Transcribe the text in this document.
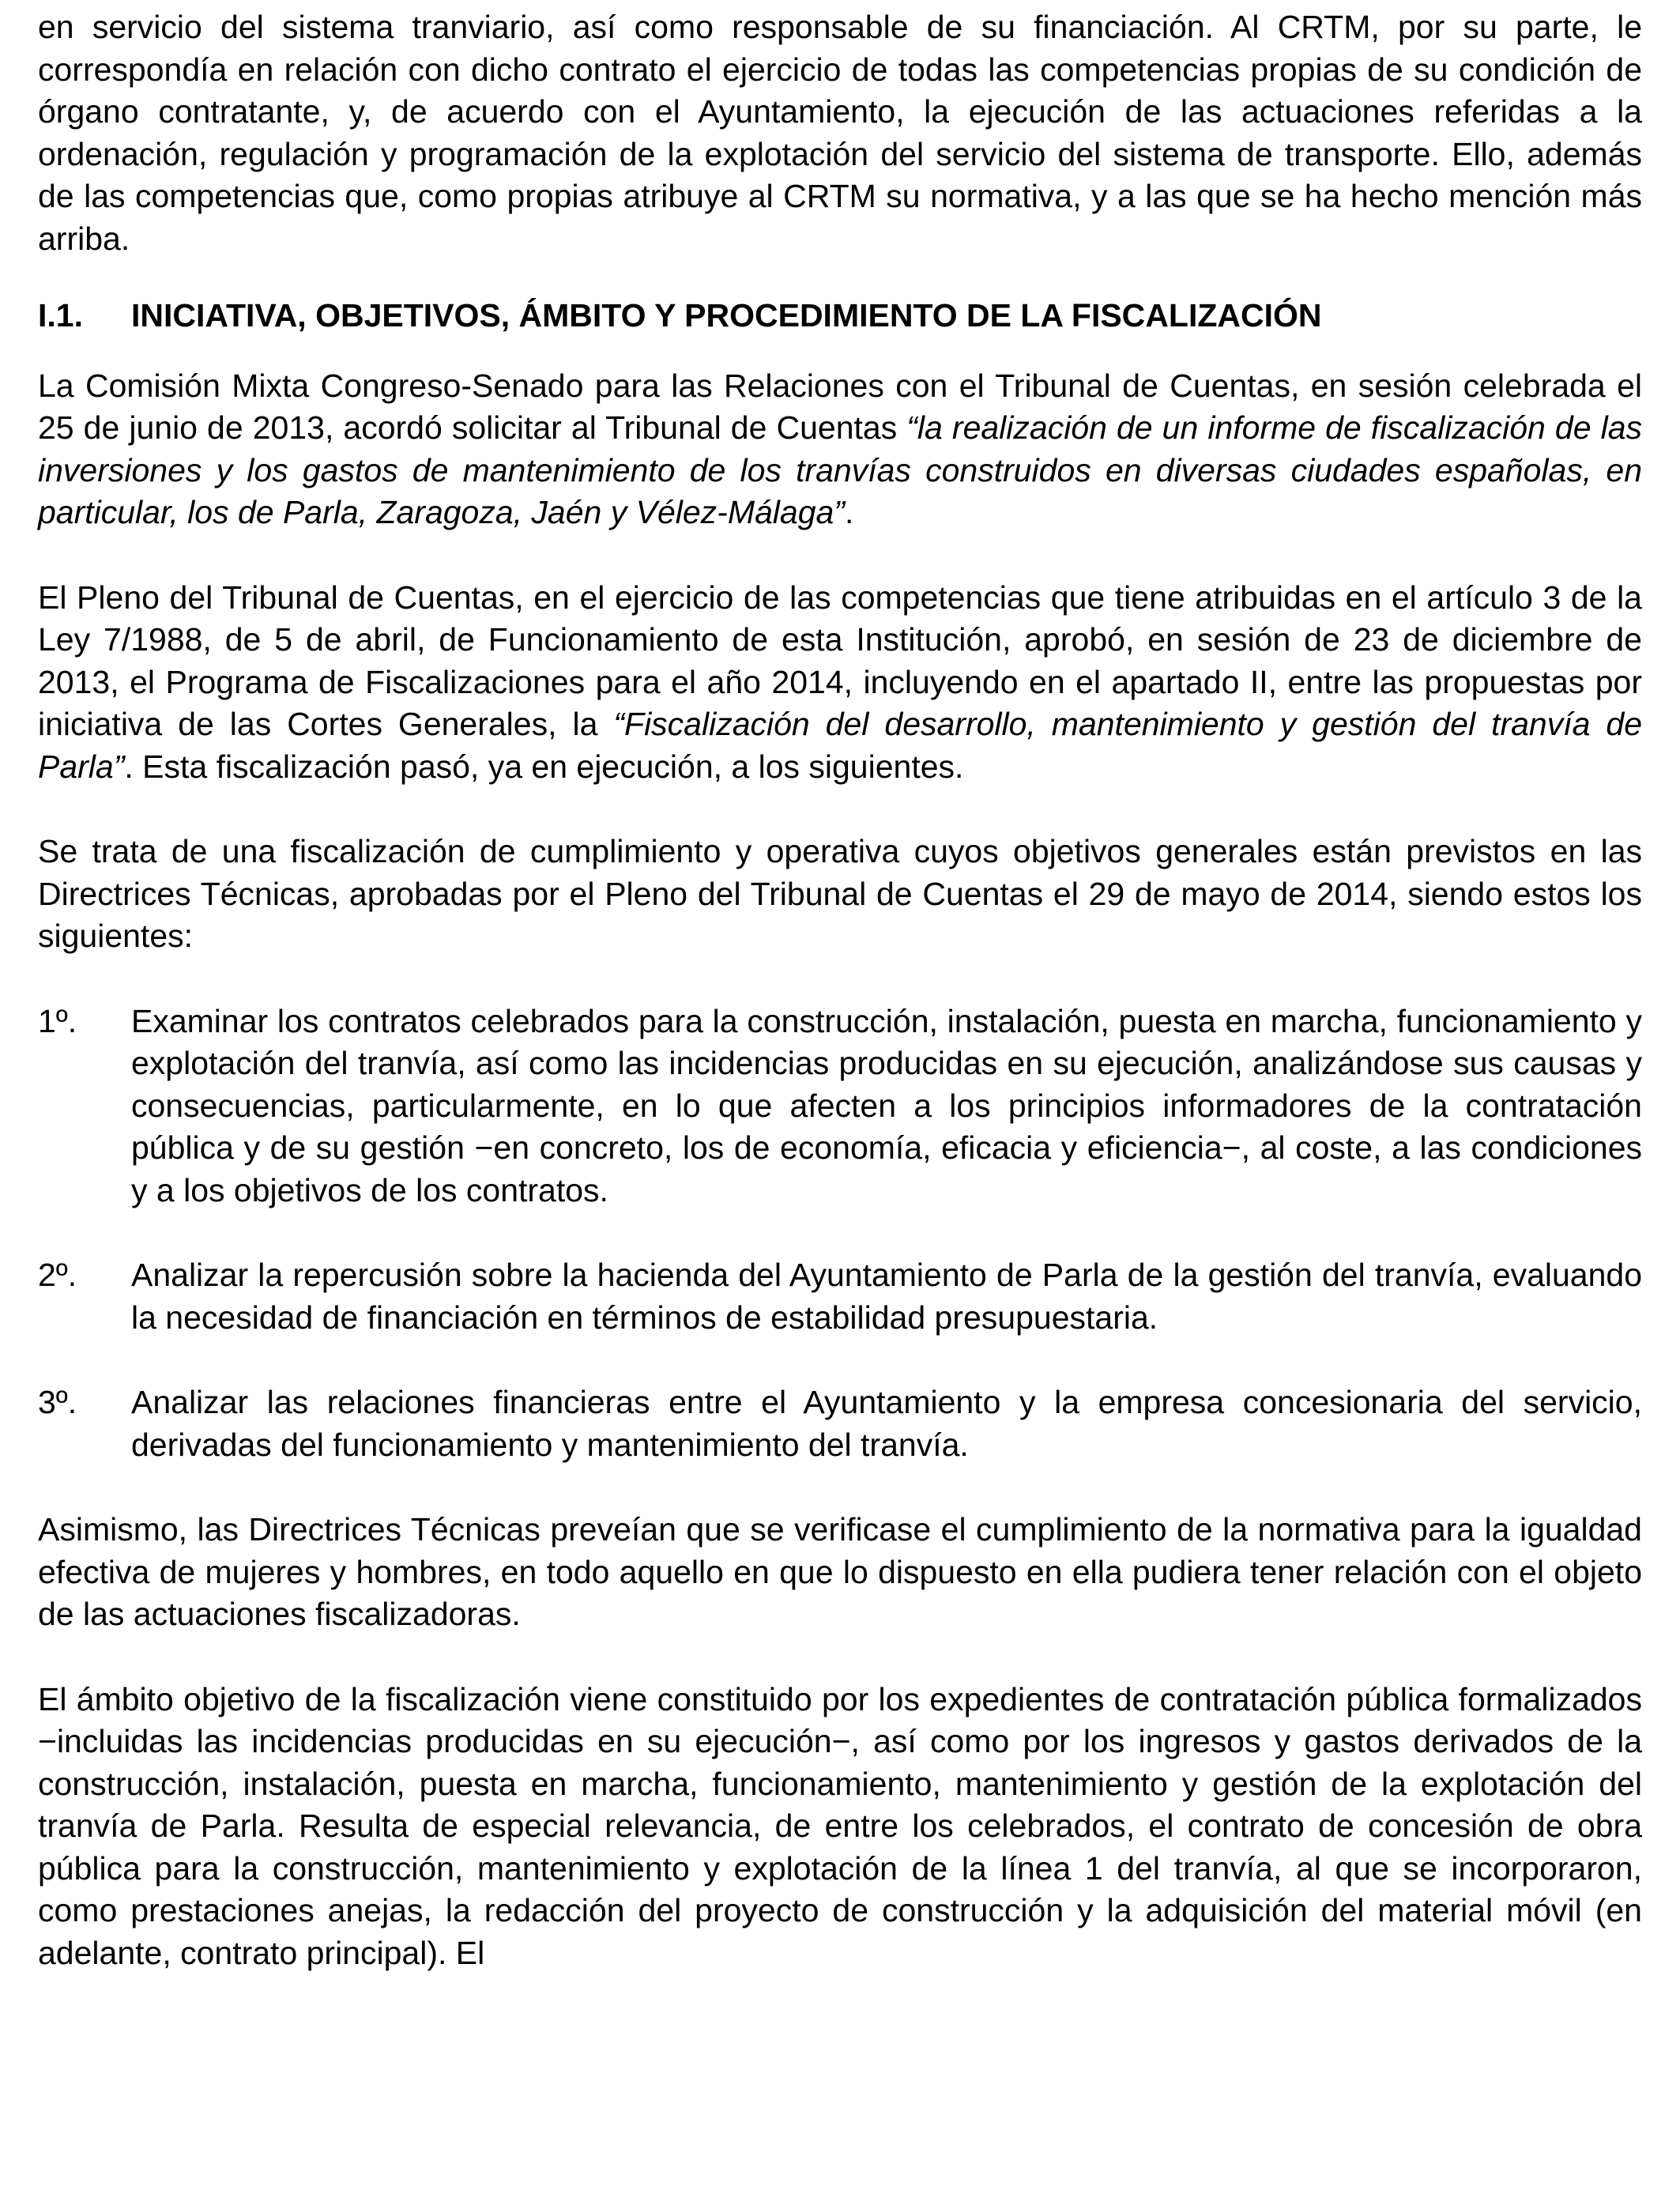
en servicio del sistema tranviario, así como responsable de su financiación. Al CRTM, por su parte, le correspondía en relación con dicho contrato el ejercicio de todas las competencias propias de su condición de órgano contratante, y, de acuerdo con el Ayuntamiento, la ejecución de las actuaciones referidas a la ordenación, regulación y programación de la explotación del servicio del sistema de transporte. Ello, además de las competencias que, como propias atribuye al CRTM su normativa, y a las que se ha hecho mención más arriba.

I.1.	INICIATIVA, OBJETIVOS, ÁMBITO Y PROCEDIMIENTO DE LA FISCALIZACIÓN

La Comisión Mixta Congreso-Senado para las Relaciones con el Tribunal de Cuentas, en sesión celebrada el 25 de junio de 2013, acordó solicitar al Tribunal de Cuentas “la realización de un informe de fiscalización de las inversiones y los gastos de mantenimiento de los tranvías construidos en diversas ciudades españolas, en particular, los de Parla, Zaragoza, Jaén y Vélez-Málaga”.

El Pleno del Tribunal de Cuentas, en el ejercicio de las competencias que tiene atribuidas en el artículo 3 de la Ley 7/1988, de 5 de abril, de Funcionamiento de esta Institución, aprobó, en sesión de 23 de diciembre de 2013, el Programa de Fiscalizaciones para el año 2014, incluyendo en el apartado II, entre las propuestas por iniciativa de las Cortes Generales, la “Fiscalización del desarrollo, mantenimiento y gestión del tranvía de Parla”. Esta fiscalización pasó, ya en ejecución, a los siguientes.

Se trata de una fiscalización de cumplimiento y operativa cuyos objetivos generales están previstos en las Directrices Técnicas, aprobadas por el Pleno del Tribunal de Cuentas el 29 de mayo de 2014, siendo estos los siguientes:

1º.	Examinar los contratos celebrados para la construcción, instalación, puesta en marcha, funcionamiento y explotación del tranvía, así como las incidencias producidas en su ejecución, analizándose sus causas y consecuencias, particularmente, en lo que afecten a los principios informadores de la contratación pública y de su gestión −en concreto, los de economía, eficacia y eficiencia−, al coste, a las condiciones y a los objetivos de los contratos.

2º.	Analizar la repercusión sobre la hacienda del Ayuntamiento de Parla de la gestión del tranvía, evaluando la necesidad de financiación en términos de estabilidad presupuestaria.

3º.	Analizar las relaciones financieras entre el Ayuntamiento y la empresa concesionaria del servicio, derivadas del funcionamiento y mantenimiento del tranvía.

Asimismo, las Directrices Técnicas preveían que se verificase el cumplimiento de la normativa para la igualdad efectiva de mujeres y hombres, en todo aquello en que lo dispuesto en ella pudiera tener relación con el objeto de las actuaciones fiscalizadoras.

El ámbito objetivo de la fiscalización viene constituido por los expedientes de contratación pública formalizados −incluidas las incidencias producidas en su ejecución−, así como por los ingresos y gastos derivados de la construcción, instalación, puesta en marcha, funcionamiento, mantenimiento y gestión de la explotación del tranvía de Parla. Resulta de especial relevancia, de entre los celebrados, el contrato de concesión de obra pública para la construcción, mantenimiento y explotación de la línea 1 del tranvía, al que se incorporaron, como prestaciones anejas, la redacción del proyecto de construcción y la adquisición del material móvil (en adelante, contrato principal). El
